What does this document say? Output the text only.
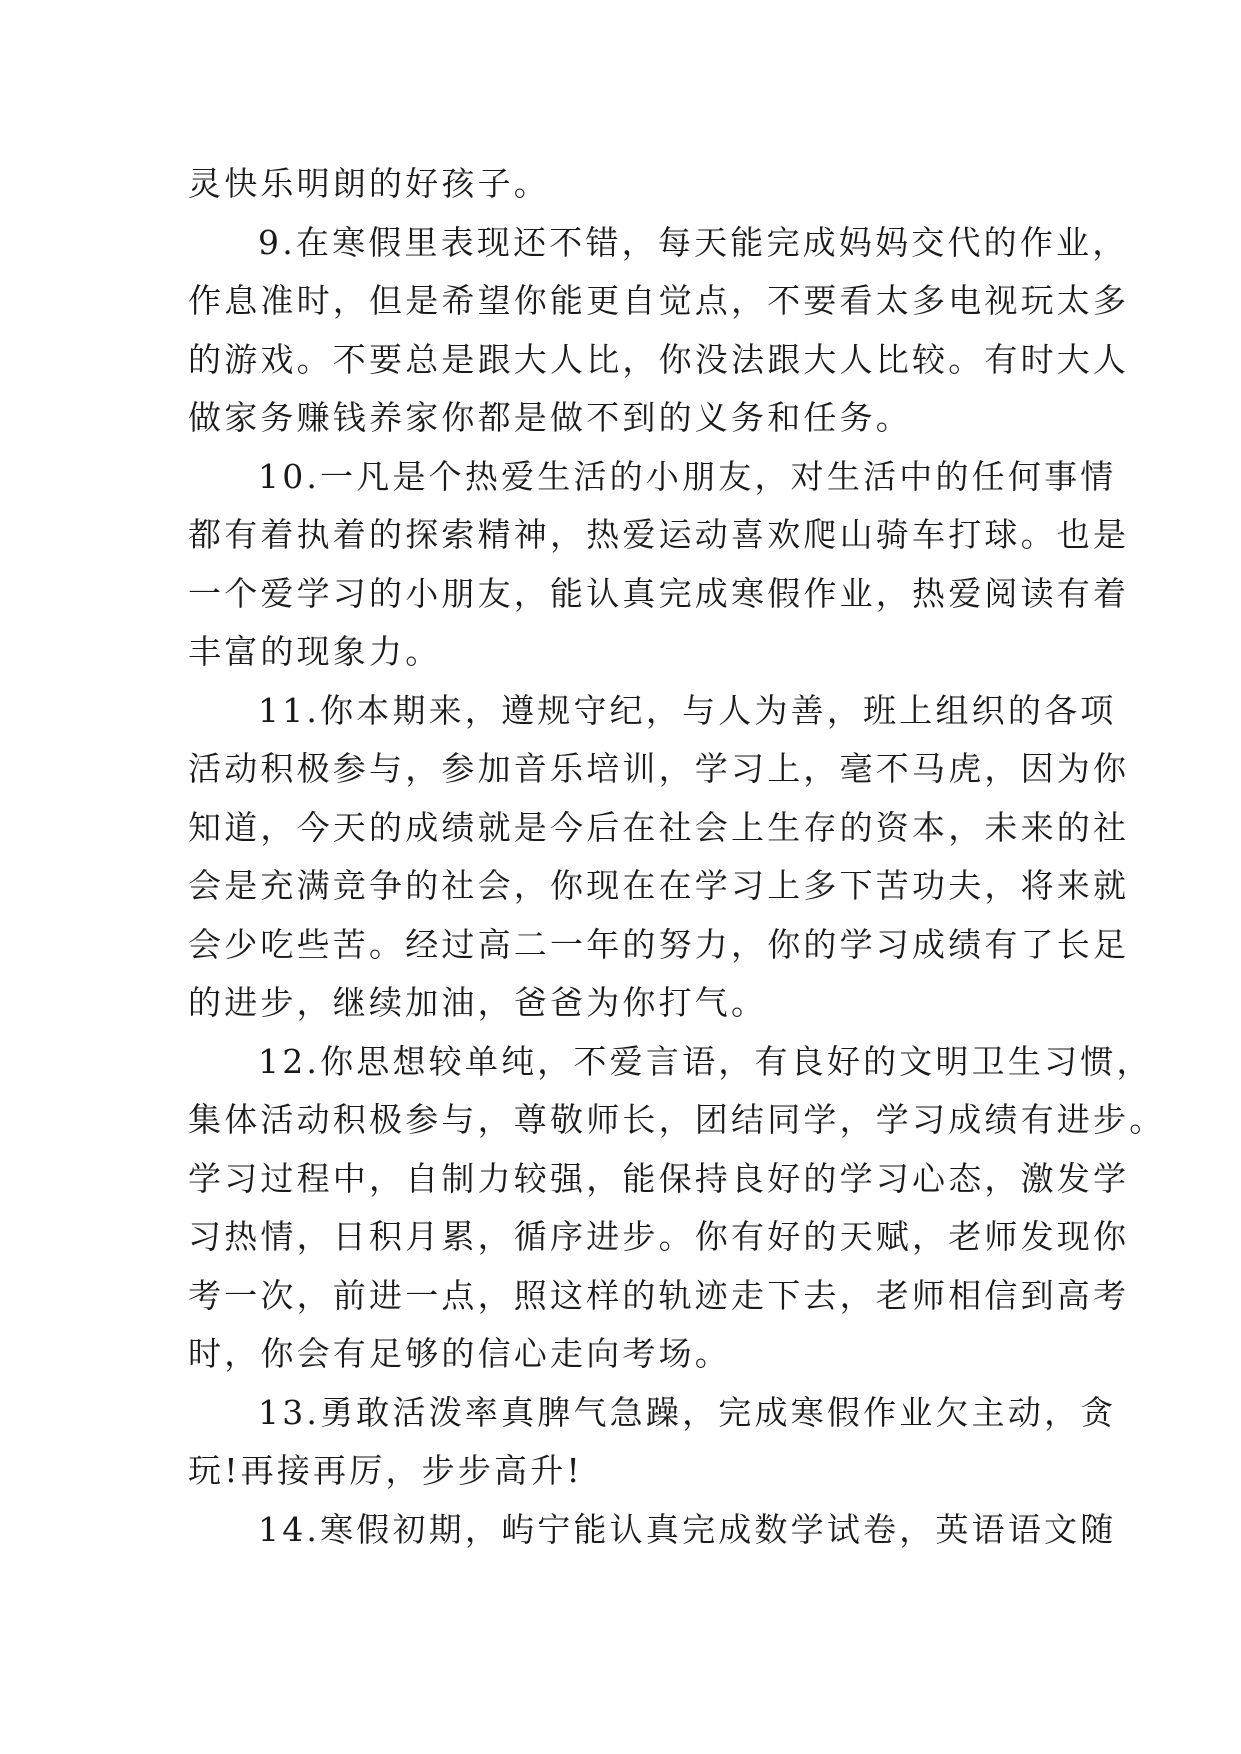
灵快乐明朗的好孩子。
9.在寒假里表现还不错，每天能完成妈妈交代的作业，
作息准时，但是希望你能更自觉点，不要看太多电视玩太多
的游戏。不要总是跟大人比，你没法跟大人比较。有时大人
做家务赚钱养家你都是做不到的义务和任务。
10.一凡是个热爱生活的小朋友，对生活中的任何事情
都有着执着的探索精神，热爱运动喜欢爬山骑车打球。也是
一个爱学习的小朋友，能认真完成寒假作业，热爱阅读有着
丰富的现象力。
11.你本期来，遵规守纪，与人为善，班上组织的各项
活动积极参与，参加音乐培训，学习上，毫不马虎，因为你
知道，今天的成绩就是今后在社会上生存的资本，未来的社
会是充满竞争的社会，你现在在学习上多下苦功夫，将来就
会少吃些苦。经过高二一年的努力，你的学习成绩有了长足
的进步，继续加油，爸爸为你打气。
12.你思想较单纯，不爱言语，有良好的文明卫生习惯，
集体活动积极参与，尊敬师长，团结同学，学习成绩有进步。
学习过程中，自制力较强，能保持良好的学习心态，激发学
习热情，日积月累，循序进步。你有好的天赋，老师发现你
考一次，前进一点，照这样的轨迹走下去，老师相信到高考
时，你会有足够的信心走向考场。
13.勇敢活泼率真脾气急躁，完成寒假作业欠主动，贪
玩!再接再厉，步步高升!
14.寒假初期，屿宁能认真完成数学试卷，英语语文随
